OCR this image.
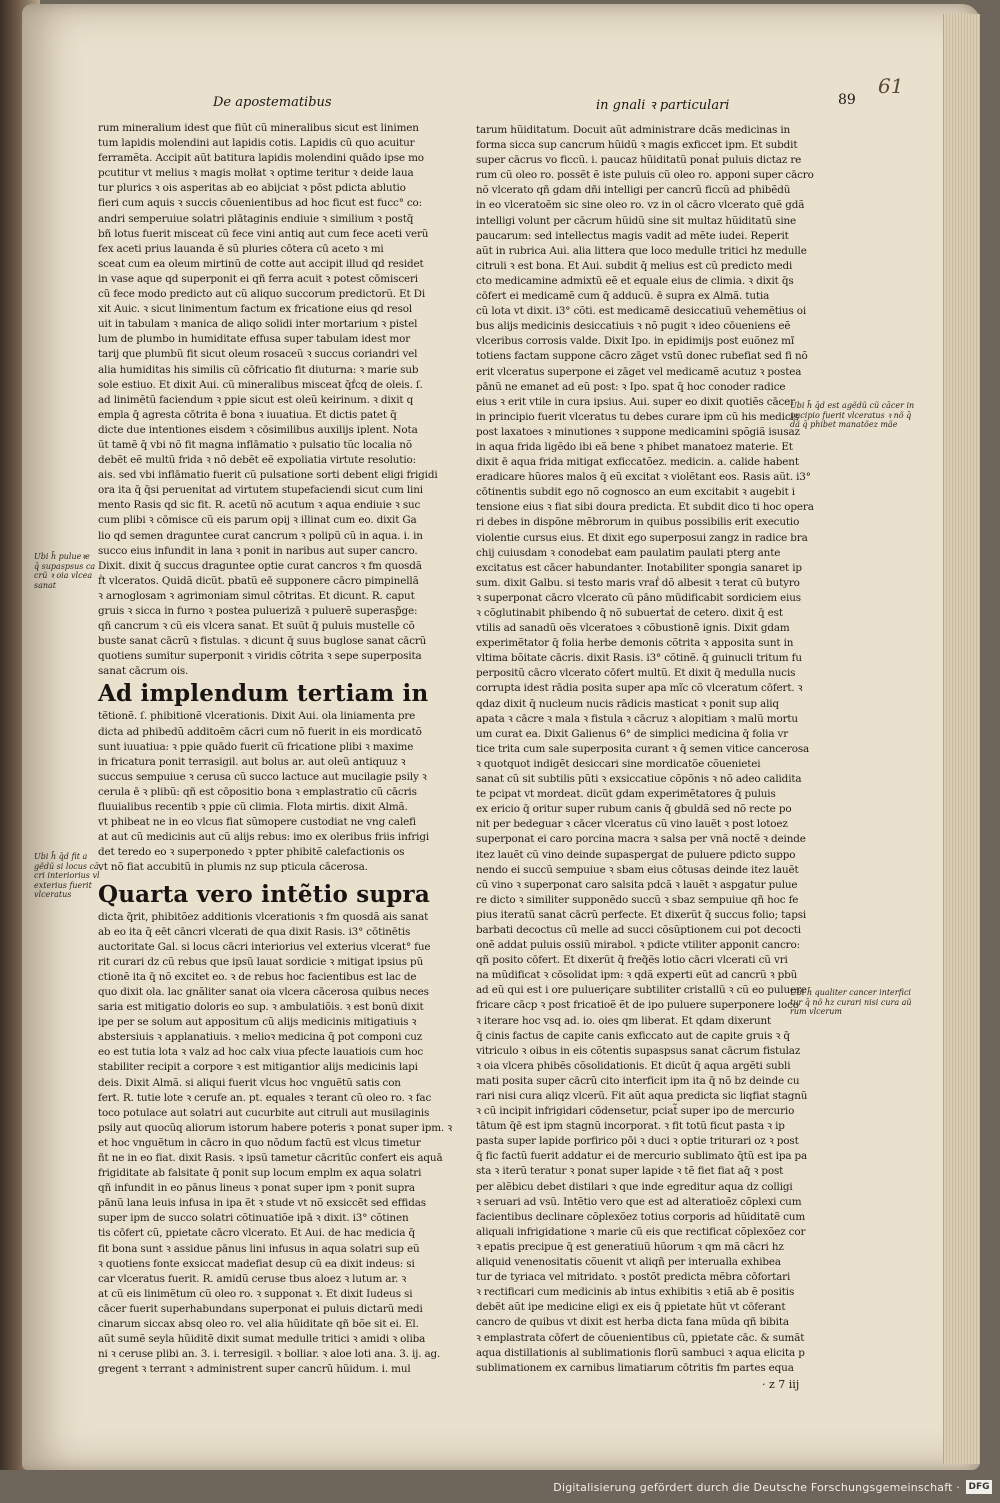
De apostematibus	in gnali ꝛ particulari	89
61
rum mineralium idest que fiũt cũ mineralibus sicut est linimen
tum lapidis molendini aut lapidis cotis. Lapidis cũ quo acuitur
ferramẽta. Accipit aũt batitura lapidis molendini quādo ipse mo
pcutitur vt melius ꝛ magis molłat ꝛ optime teritur ꝛ deide laua
tur plurics ꝛ ois asperitas ab eo abijciat ꝛ pōst pdicta ablutio
fieri cum aquis ꝛ succis cōuenientibus ad hoc ficut est fucc° co:
andri semperuiue solatri plātaginis endiuie ꝛ similium ꝛ postq̄
bñ lotus fuerit misceat cũ fece vini antiq aut cum fece aceti verũ
fex aceti prius lauanda ē sũ pluries cōtera cū aceto ꝛ mi
sceat cum ea oleum mirtinũ de cotte aut accipit illud qd residet
in vase aque qd superponit ei qñ ferra acuit ꝛ potest cōmisceri
cũ fece modo predicto aut cũ aliquo succorum predictorũ. Et Di
xit Auic. ꝛ sicut linimentum factum ex fricatione eius qd resol
uit in tabulam ꝛ manica de aliqo solidi inter mortarium ꝛ pistel
lum de plumbo in humiditate effusa super tabulam idest mor
tarij que plumbũ fit sicut oleum rosaceũ ꝛ succus coriandri vel
alia humiditas his similis cũ cōfricatio fit diuturna: ꝛ marie sub
sole estiuo. Et dixit Aui. cũ mineralibus misceat q̄ḟcq de oleis. ſ.
ad linimẽtũ faciendum ꝛ ppie sicut est oleũ keirinum. ꝛ dixit q
empla q̄ agresta cōtrita ē bona ꝛ iuuatiua. Et dictis patet q̄
dicte due intentiones eisdem ꝛ cōsimilibus auxilijs iplent. Nota
ũt tamẽ q̄ vbi nõ fit magna inflāmatio ꝛ pulsatio tũc localia nõ
debẽt eẽ multũ frida ꝛ nõ debẽt eẽ expoliatia virtute resolutio:
ais. sed vbi inflāmatio fuerit cũ pulsatione sorti debent eligi frigidi
ora ita q̄ q̄si peruenitat ad virtutem stupefaciendi sicut cum lini
mento Rasis qd sic fit. R. acetũ nõ acutum ꝛ aqua endiuie ꝛ suc
cum plibi ꝛ cōmisce cũ eis parum opij ꝛ illinat cum eo. dixit Ga
lio qd semen draguntee curat cancrum ꝛ polipũ cũ in aqua. i. in
succo eius infundit in lana ꝛ ponit in naribus aut super cancro.
Dixit. dixit q̄ succus draguntee optie curat cancros ꝛ fm quosdã
ḟt vlceratos. Quidã dicũt. pbatũ eē supponere cācro pimpinellã
ꝛ arnoglosam ꝛ agrimoniam simul cōtritas. Et dicunt. R. caput
gruis ꝛ sicca in furno ꝛ postea puluerizā ꝛ puluerẽ superasp̃ge:
qñ cancrum ꝛ cũ eis vlcera sanat. Et suũt q̄ puluis mustelle cõ
buste sanat cācrũ ꝛ fistulas. ꝛ dicunt q̄ suus buglose sanat cācrũ
quotiens sumitur superponit ꝛ viridis cõtrita ꝛ sepe superposita
sanat cācrum ois.
Ad implendum tertiam in
tẽtionẽ. ſ. phibitionẽ vlcerationis. Dixit Aui. ola liniamenta pre
dicta ad phibedũ additoẽm cācri cum nõ fuerit in eis mordicatõ
sunt iuuatiua: ꝛ ppie quādo fuerit cũ fricatione plibi ꝛ maxime
in fricatura ponit terrasigil. aut bolus ar. aut oleũ antiquuz ꝛ
succus sempuiue ꝛ cerusa cũ succo lactuce aut mucilagie psily ꝛ
cerula ē ꝛ plibũ: qñ est cōpositio bona ꝛ emplastratio cũ cācris
fluuialibus recentib ꝛ ppie cũ climia. Flota mirtis. dixit Almã.
vt phibeat ne in eo vlcus fiat sũmopere custodiat ne vng calefi
at aut cũ medicinis aut cũ alijs rebus: imo ex oleribus friis infrigi
det teredo eo ꝛ superponedo ꝛ ppter phibitẽ calefactionis os
vt nõ fiat accubitũ in plumis nz sup pticula cācerosa.
Quarta vero intẽtio supra
dicta q̃rit, phibitõez additionis vlcerationis ꝛ fm quosdã ais sanat
ab eo ita q̄ eēt cāncri vlcerati de qua dixit Rasis. i3° cōtinētis
auctoritate Gal. si locus cācri interiorius vel exterius vlcerat° fue
rit curari dz cũ rebus que ipsũ lauat sordicie ꝛ mitigat ipsius pũ
ctionẽ ita q̄ nõ excitet eo. ꝛ de rebus hoc facientibus est lac de
quo dixit ola. lac gnãliter sanat oia vlcera cācerosa quibus neces
saria est mitigatio doloris eo sup. ꝛ ambulatiõis. ꝛ est bonũ dixit
ipe per se solum aut appositum cũ alijs medicinis mitigatiuis ꝛ
abstersiuis ꝛ applanatiuis. ꝛ melioꝛ medicina q̄ pot componi cuz
eo est tutia lota ꝛ valz ad hoc calx viua pfecte lauatiois cum hoc
stabiliter recipit a corpore ꝛ est mitigantior alijs medicinis lapi
deis. Dixit Almã. si aliqui fuerit vlcus hoc vnguẽtũ satis con
fert. R. tutie lote ꝛ cerufe an. pt. equales ꝛ terant cũ oleo ro. ꝛ fac
toco potulace aut solatri aut cucurbite aut citruli aut musilaginis
psily aut quocũq aliorum istorum habere poteris ꝛ ponat super ipm. ꝛ
et hoc vnguẽtum in cācro in quo nõdum factũ est vlcus timetur
ñt ne in eo fiat. dixit Rasis. ꝛ ipsũ tametur cācritũc confert eis aquā
frigiditate ab falsitate q̄ ponit sup locum emplm ex aqua solatri
qñ infundit in eo pānus lineus ꝛ ponat super ipm ꝛ ponit supra
pānũ lana leuis infusa in ipa ẽt ꝛ stude vt nõ exsiccẽt sed effidas
super ipm de succo solatri cõtinuatiõe ipā ꝛ dixit. i3° cõtinen
tis cōfert cũ, ppietate cācro vlcerato. Et Aui. de hac medicia q̄
fit bona sunt ꝛ assidue pānus lini infusus in aqua solatri sup eũ
ꝛ quotiens fonte exsiccat madefiat desup cũ ea dixit indeus: si
car vlceratus fuerit. R. amidũ ceruse tbus aloez ꝛ lutum ar. ꝛ
at cũ eis linimẽtum cũ oleo ro. ꝛ supponat ꝛ. Et dixit Iudeus si
cācer fuerit superhabundans superponat ei puluis dictarũ medi
cinarum siccax absq oleo ro. vel alia hũiditate qñ bõe sit ei. El.
aũt sumẽ seyla hũiditẽ dixit sumat medulle tritici ꝛ amidi ꝛ oliba
ni ꝛ ceruse plibi an. 3. i. terresigil. ꝛ bolliar. ꝛ aloe loti ana. 3. ij. ag.
gregent ꝛ terrant ꝛ administrent super cancrũ hũidum. i. mul
tarum hũiditatum. Docuit aũt administrare dcãs medicinas in
forma sicca sup cancrum hũidũ ꝛ magis exficcet ipm. Et subdit
super cācrus vo ficcũ. i. paucaz hũiditatũ ponaṫ puluis dictaz re
rum cũ oleo ro. possẽt ẽ iste puluis cũ oleo ro. apponi super cācro
nõ vlcerato qñ gdam dñi intelligi per cancrũ ficcũ ad phibẽdũ
in eo vlceratoẽm sic sine oleo ro. vz in ol cācro vlcerato quẽ gdã
intelligi volunt per cācrum hũidũ sine sit multaz hũiditatũ sine
paucarum: sed intellectus magis vadit ad mẽte iudei. Reperit
aũt in rubrica Aui. alia littera que loco medulle tritici hz medulle
citruli ꝛ est bona. Et Aui. subdit q̄ melius est cũ predicto medi
cto medicamine admixtũ eẽ et equale eius de climia. ꝛ dixit q̄s
cōfert ei medicamẽ cum q̄ adducũ. ē supra ex Almã. tutia
cũ lota vt dixit. i3° cõti. est medicamẽ desiccatiuũ vehemẽtius oi
bus alijs medicinis desiccatiuis ꝛ nõ pugit ꝛ ideo cōueniens eẽ
vlceribus corrosis valde. Dixit Ipo. in epidimijs post euõnez mĩ
totiens factam suppone cācro zāget vstũ donec rubefiat sed fi nõ
erit vlceratus superpone ei zāget vel medicamẽ acutuz ꝛ postea
pānũ ne emanet ad eũ post: ꝛ Ipo. spat q̄ hoc conoder radice
eius ꝛ erit vtile in cura ipsius. Aui. super eo dixit quotiẽs cācer
in principio fuerit vlceratus tu debes curare ipm cũ his medicis
post laxatoes ꝛ minutiones ꝛ suppone medicamini spõgiã isusaz
in aqua frida ligẽdo ibi eã bene ꝛ phibet manatoez materie. Et
dixit ē aqua frida mitigat exficcatõez. medicin. a. calide habent
eradicare hũores malos q̄ eũ excitat ꝛ violẽtant eos. Rasis aũt. i3°
cōtinentis subdit ego nõ cognosco an eum excitabit ꝛ augebit i
tensione eius ꝛ fiat sibi doura predicta. Et subdit dico ti hoc opera
ri debes in dispõne mẽbrorum in quibus possibilis erit executio
violentie cursus eius. Et dixit ego superposui zangz in radice bra
chij cuiusdam ꝛ conodebat eam paulatim paulati pterg ante
excitatus est cācer habundanter. Inotabiliter spongia sanaret ip
sum. dixit Galbu. si testo maris vraḟ dõ albesit ꝛ terat cũ butyro
ꝛ superponat cācro vlcerato cũ pāno mūdificabit sordiciem eius
ꝛ cõglutinabit phibendo q̄ nõ subuertaṫ de cetero. dixit q̄ est
vtilis ad sanadũ oẽs vlceratoes ꝛ cõbustionẽ ignis. Dixit gdam
experimẽtator q̄ folia herbe demonis cõtrita ꝛ apposita sunt in
vltima bõitate cācris. dixit Rasis. i3° cõtinẽ. q̄ guinucli tritum fu
perpositũ cācro vlcerato cōfert multũ. Et dixit q̄ medulla nucis
corrupta idest rādia posita super apa mĩc cõ vlceratum cōfert. ꝛ
qdaz dixit q̄ nucleum nucis rādicis masticat ꝛ ponit sup aliq
apata ꝛ cācre ꝛ mala ꝛ fistula ꝛ cācruz ꝛ alopitiam ꝛ malũ mortu
um curat ea. Dixit Galienus 6° de simplici medicina q̄ folia vr
tice trita cum sale superposita curant ꝛ q̄ semen vitice cancerosa
ꝛ quotquot indigẽt desiccari sine mordicatõe cõuenietei
sanat cũ sit subtilis pũti ꝛ exsiccatiue cõpõnis ꝛ nõ adeo calidita
te pcipat vt mordeat. dicũt gdam experimẽtatores q̄ puluis
ex ericio q̄ oritur super rubum canis q̄ gbuldã sed nõ recte po
nit per bedeguar ꝛ cācer vlceratus cũ vino lauẽt ꝛ post lotoez
superponat ei caro porcina macra ꝛ salsa per vnã noctẽ ꝛ deinde
itez lauẽt cũ vino deinde supaspergat de puluere pdicto suppo
nendo ei succũ sempuiue ꝛ sbam eius cōtusas deinde itez lauẽt
cũ vino ꝛ superponat caro salsita pdcã ꝛ lauẽt ꝛ aspgatur pulue
re dicto ꝛ similiter supponẽdo succũ ꝛ sbaz sempuiue qñ hoc fe
pius iteratũ sanat cācrũ perfecte. Et dixerũt q̄ succus folio; tapsi
barbati decoctus cũ melle ad succi cõsũptionem cui pot decocti
onẽ addat puluis ossiũ mirabol. ꝛ pdicte vtiliter apponit cancro:
qñ posito cōfert. Et dixerũt q̄ freq̃ẽs lotio cācri vlcerati cũ vri
na mũdificat ꝛ cōsolidat ipm: ꝛ qdã experti eũt ad cancrũ ꝛ pbũ
ad eũ qui est i ore pulueriçare subtiliter cristallũ ꝛ cũ eo puluere
fricare cācp ꝛ post fricatioẽ ẽt de ipo puluere superponere loco
ꝛ iterare hoc vsq ad. io. oies qm liberat. Et qdam dixerunt
q̄ cinis factus de capite canis exficcato aut de capite gruis ꝛ q̄
vitriculo ꝛ oibus in eis cõtentis supaspsus sanat cācrum fistulaz
ꝛ oia vlcera phibẽs cõsolidationis. Et dicũt q̄ aqua argẽti subli
mati posita super cācrũ cito interficit ipm ita q̄ nõ bz deinde cu
rari nisi cura aliqz vlcerũ. Fit aũt aqua predicta sic liqfiat stagnũ
ꝛ cũ incipit infrigidari cõdensetur, pciat̃ super ipo de mercurio
tātum q̄ē est ipm stagnũ incorporat. ꝛ fit totũ ficut pasta ꝛ ip
pasta super lapide porfirico pōi ꝛ duci ꝛ optie triturari oz ꝛ post
q̄ fic factũ fuerit addatur ei de mercurio sublimato q̄tũ est ipa pa
sta ꝛ iterũ teratur ꝛ ponat super lapide ꝛ tẽ fiet fiat aq̄ ꝛ post
per alẽbicu debet distilari ꝛ que inde egreditur aqua dz colligi
ꝛ seruari ad vsũ. Intẽtio vero que est ad alteratioẽz cõplexi cum
facientibus declinare cõplexõez totius corporis ad hũiditatẽ cum
aliquali infrigidatione ꝛ marie cũ eis que rectificat cõplexõez cor
ꝛ epatis precipue q̄ est generatiuũ hũorum ꝛ qm mã cācri hz
aliquid venenositatis cõuenit vt aliqñ per interualla exhibea
tur de tyriaca vel mitridato. ꝛ postõt predicta mẽbra cōfortari
ꝛ rectificari cum medicinis ab intus exhibitis ꝛ etiã ab ẽ positis
debẽt aũt ipe medicine eligi ex eis q̄ ppietate hũt vt cōferant
cancro de quibus vt dixit est herba dicta fana mũda qñ bibita
ꝛ emplastrata cōfert de cõuenientibus cũ, ppietate cāc. & sumãt
aqua distillationis al sublimationis florũ sambuci ꝛ aqua elicita p
sublimationem ex carnibus limatiarum cōtritis fm partes equa
Ubi h̄ pulueꝛe
q̄ supaspsus ca
crũ ꝛ oia vlcea
sanat
Ubi h̄ q̄d fit a
gẽdũ si locus cā
cri interiorius vl
exterius fuerit
vlceratus
Ubi h̄ q̄d est agẽdũ cũ cācer in
pncipio fuerit vlceratus ꝛ nõ q̄
dã q̄ phibet manatõez mãe
Ubi h̄ qualiter cancer interfici
tur q̄ nõ hz curari nisi cura aũ
rum vlcerum
· z 7 iij
Digitalisierung gefördert durch die Deutsche Forschungsgemeinschaft · DFG
